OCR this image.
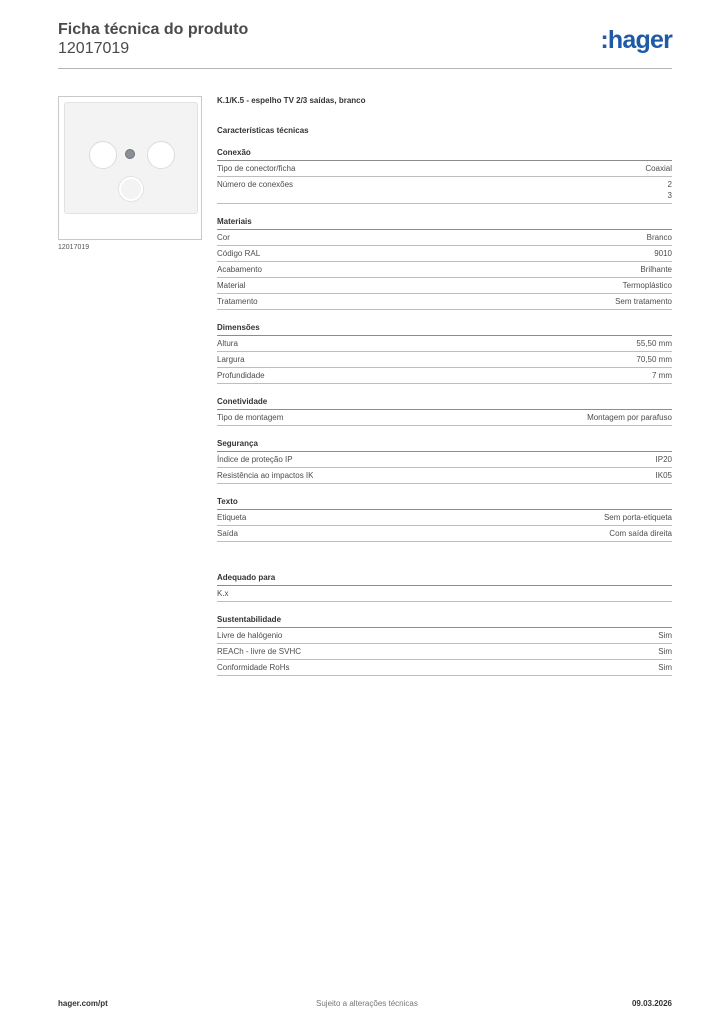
Ficha técnica do produto
12017019	:hager
12017019
K.1/K.5 - espelho TV 2/3 saídas, branco
Características técnicas
Conexão
Tipo de conector/ficha	Coaxial
Número de conexões	2
3
Materiais
Cor	Branco
Código RAL	9010
Acabamento	Brilhante
Material	Termoplástico
Tratamento	Sem tratamento
Dimensões
Altura	55,50 mm
Largura	70,50 mm
Profundidade	7 mm
Conetividade
Tipo de montagem	Montagem por parafuso
Segurança
Índice de proteção IP	IP20
Resistência ao impactos IK	IK05
Texto
Etiqueta	Sem porta-etiqueta
Saída	Com saída direita
Adequado para
K.x
Sustentabilidade
Livre de halógenio	Sim
REACh - livre de SVHC	Sim
Conformidade RoHs	Sim
hager.com/pt	Sujeito a alterações técnicas	09.03.2026
